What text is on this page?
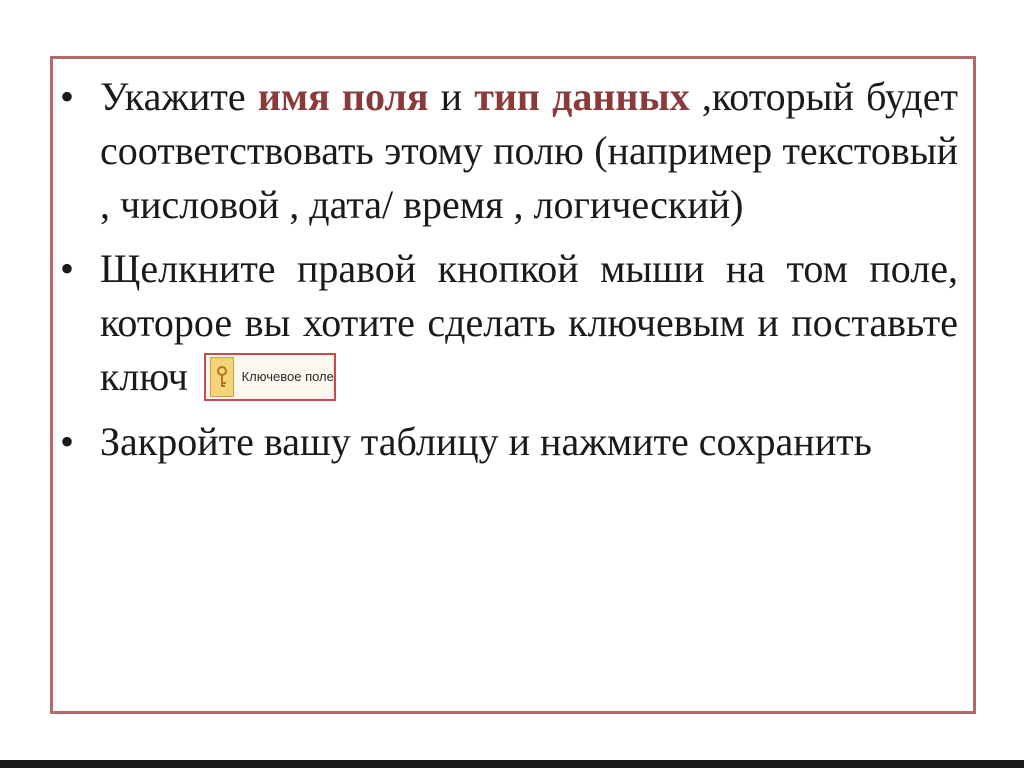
• Укажите имя поля и тип данных ,который будет соответствовать этому полю (например текстовый , числовой , дата/ время , логический)
• Щелкните правой кнопкой мыши на том поле, которое вы хотите сделать ключевым и поставьте ключ	Ключевое поле
• Закройте вашу таблицу и нажмите сохранить
